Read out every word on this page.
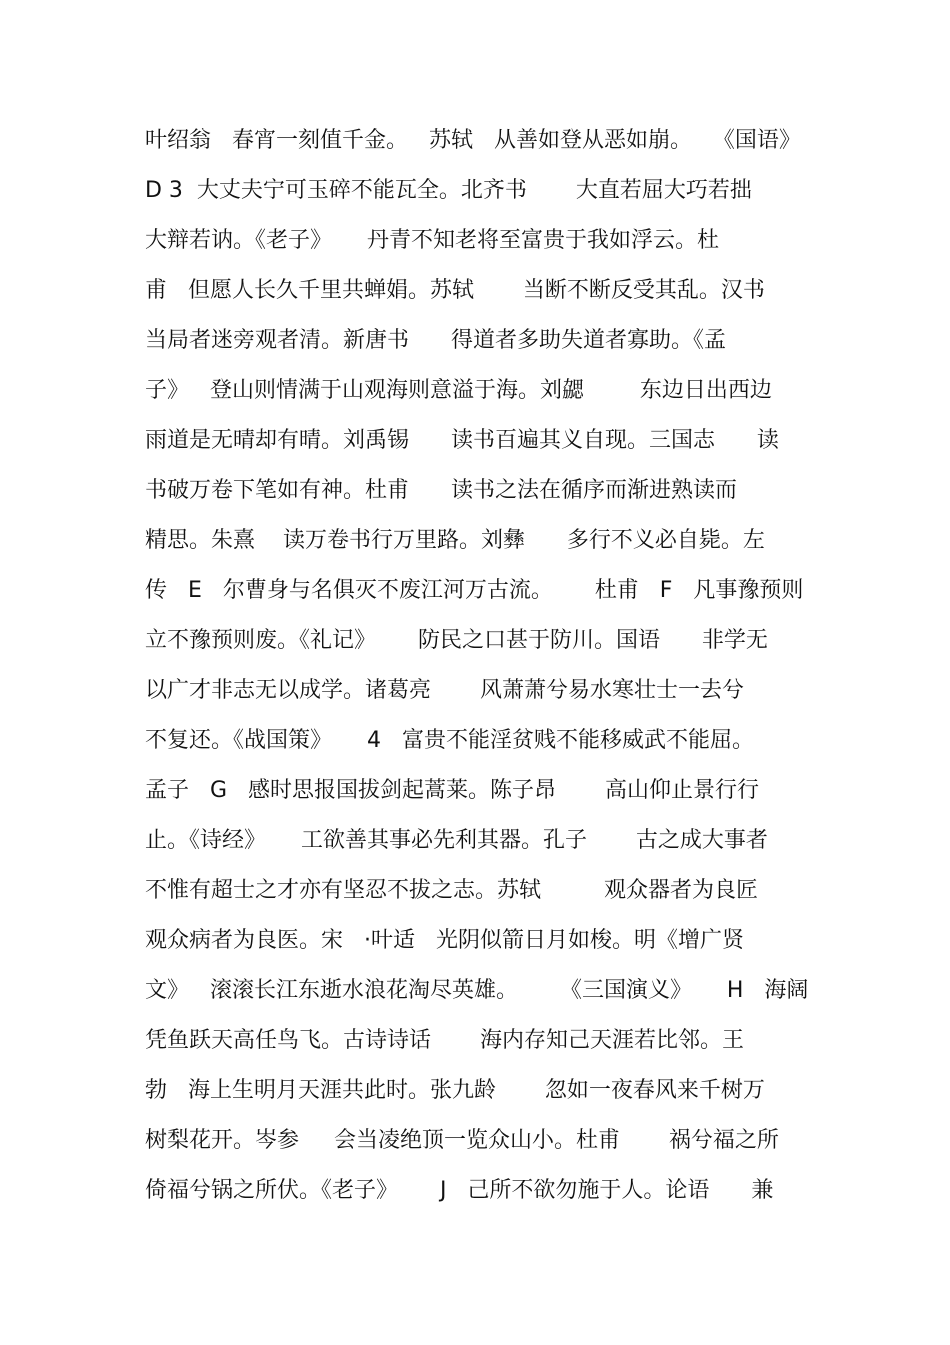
叶绍翁   春宵一刻值千金。   苏轼   从善如登从恶如崩。   《国语》
D 3  大丈夫宁可玉碎不能瓦全。北齐书       大直若屈大巧若拙
大辩若讷。《老子》     丹青不知老将至富贵于我如浮云。杜
甫   但愿人长久千里共蝉娟。苏轼       当断不断反受其乱。汉书
当局者迷旁观者清。新唐书      得道者多助失道者寡助。《孟
子》   登山则情满于山观海则意溢于海。刘勰        东边日出西边
雨道是无晴却有晴。刘禹锡      读书百遍其义自现。三国志      读
书破万卷下笔如有神。杜甫      读书之法在循序而渐进熟读而
精思。朱熹    读万卷书行万里路。刘彝      多行不义必自毙。左
传   E   尔曹身与名俱灭不废江河万古流。      杜甫   F   凡事豫预则
立不豫预则废。《礼记》      防民之口甚于防川。国语      非学无
以广才非志无以成学。诸葛亮       风萧萧兮易水寒壮士一去兮
不复还。《战国策》     4   富贵不能淫贫贱不能移威武不能屈。
孟子   G   感时思报国拔剑起蒿莱。陈子昂       高山仰止景行行
止。《诗经》     工欲善其事必先利其器。孔子       古之成大事者
不惟有超士之才亦有坚忍不拔之志。苏轼         观众器者为良匠
观众病者为良医。宋   ·叶适   光阴似箭日月如梭。明《增广贤
文》   滚滚长江东逝水浪花淘尽英雄。      《三国演义》     H   海阔
凭鱼跃天高任鸟飞。古诗诗话       海内存知己天涯若比邻。王
勃   海上生明月天涯共此时。张九龄       忽如一夜春风来千树万
树梨花开。岑参     会当凌绝顶一览众山小。杜甫       祸兮福之所
倚福兮锅之所伏。《老子》      J   己所不欲勿施于人。论语      兼
